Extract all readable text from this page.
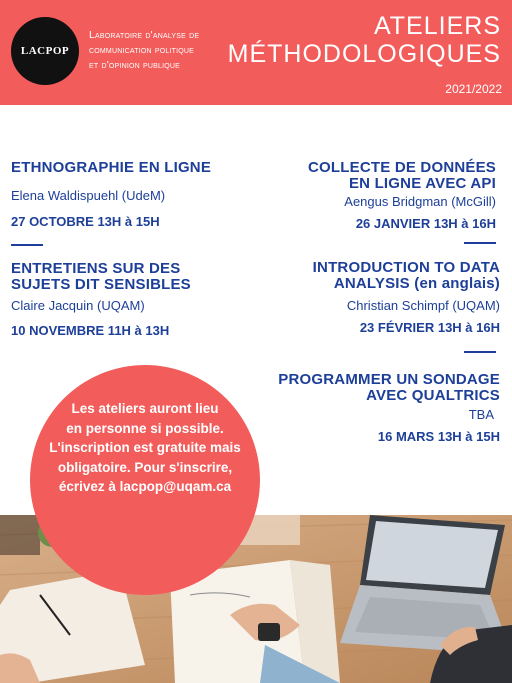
LACPOP
Laboratoire d'analyse de
communication politique
et d'opinion publique
ATELIERS
MÉTHODOLOGIQUES
2021/2022
ETHNOGRAPHIE EN LIGNE
Elena Waldispuehl (UdeM)
27 OCTOBRE 13H à 15H
ENTRETIENS SUR DES
SUJETS DIT SENSIBLES
Claire Jacquin (UQAM)
10 NOVEMBRE 11H à 13H
COLLECTE DE DONNÉES
EN LIGNE AVEC API
Aengus Bridgman (McGill)
26 JANVIER 13H à 16H
INTRODUCTION TO DATA
ANALYSIS (en anglais)
Christian Schimpf (UQAM)
23 FÉVRIER 13H à 16H
PROGRAMMER UN SONDAGE
AVEC QUALTRICS
TBA
16 MARS 13H à 15H
Les ateliers auront lieu
en personne si possible.
L'inscription est gratuite mais
obligatoire. Pour s'inscrire,
écrivez à lacpop@uqam.ca
